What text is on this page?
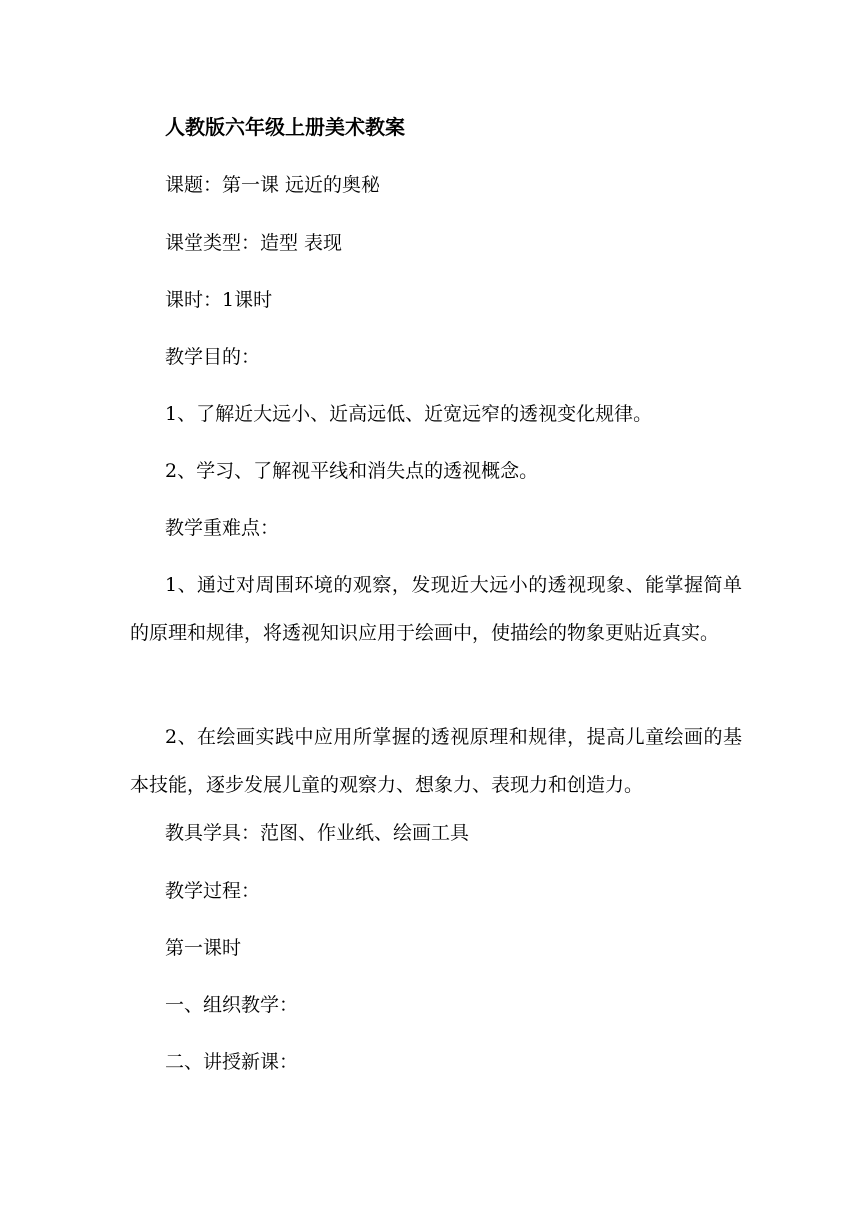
人教版六年级上册美术教案
课题：第一课 远近的奥秘
课堂类型：造型 表现
课时：1课时
教学目的：
1、了解近大远小、近高远低、近宽远窄的透视变化规律。
2、学习、了解视平线和消失点的透视概念。
教学重难点：
1、通过对周围环境的观察，发现近大远小的透视现象、能掌握简单的原理和规律，将透视知识应用于绘画中，使描绘的物象更贴近真实。
2、在绘画实践中应用所掌握的透视原理和规律，提高儿童绘画的基本技能，逐步发展儿童的观察力、想象力、表现力和创造力。
教具学具：范图、作业纸、绘画工具
教学过程：
第一课时
一、组织教学：
二、讲授新课：
